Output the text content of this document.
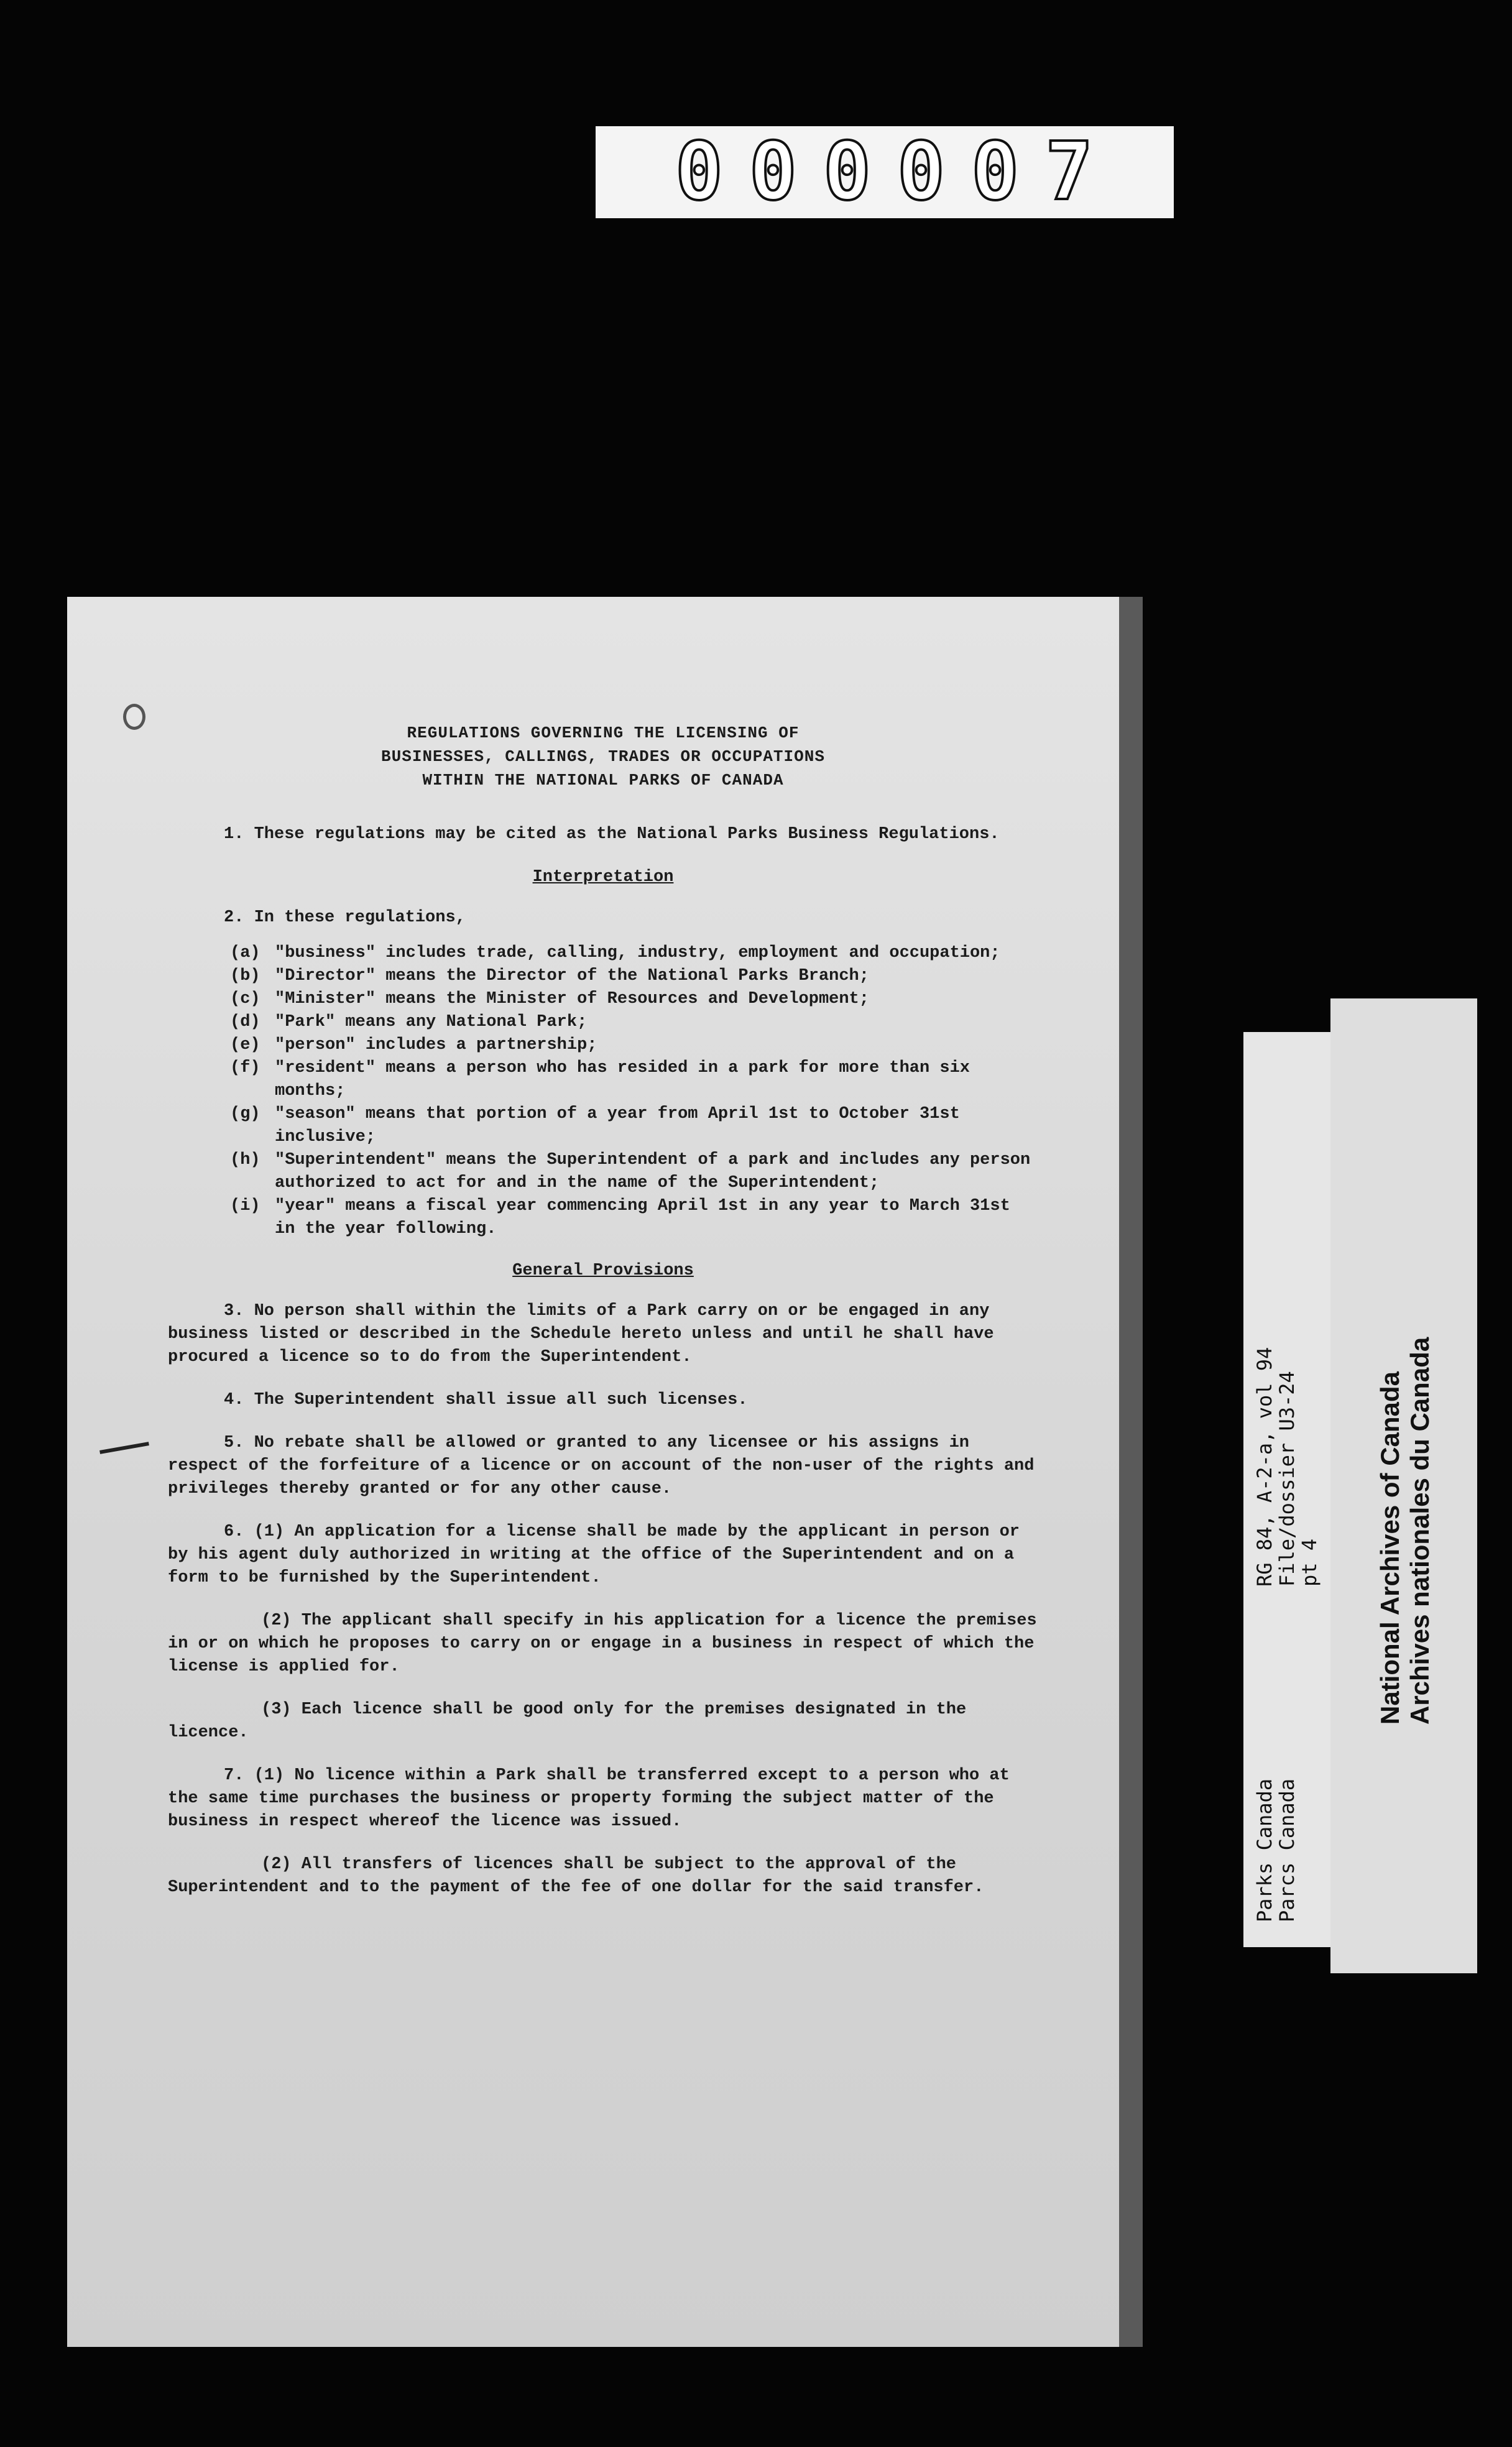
000007
REGULATIONS GOVERNING THE LICENSING OF
BUSINESSES, CALLINGS, TRADES OR OCCUPATIONS
WITHIN THE NATIONAL PARKS OF CANADA

1. These regulations may be cited as the National Parks Business Regulations.

Interpretation

2. In these regulations,

(a) "business" includes trade, calling, industry, employment and occupation;
(b) "Director" means the Director of the National Parks Branch;
(c) "Minister" means the Minister of Resources and Development;
(d) "Park" means any National Park;
(e) "person" includes a partnership;
(f) "resident" means a person who has resided in a park for more than six months;
(g) "season" means that portion of a year from April 1st to October 31st inclusive;
(h) "Superintendent" means the Superintendent of a park and includes any person authorized to act for and in the name of the Superintendent;
(i) "year" means a fiscal year commencing April 1st in any year to March 31st in the year following.
General Provisions

3. No person shall within the limits of a Park carry on or be engaged in any business listed or described in the Schedule hereto unless and until he shall have procured a licence so to do from the Superintendent.

4. The Superintendent shall issue all such licenses.

5. No rebate shall be allowed or granted to any licensee or his assigns in respect of the forfeiture of a licence or on account of the non-user of the rights and privileges thereby granted or for any other cause.

6. (1) An application for a license shall be made by the applicant in person or by his agent duly authorized in writing at the office of the Superintendent and on a form to be furnished by the Superintendent.

(2) The applicant shall specify in his application for a licence the premises in or on which he proposes to carry on or engage in a business in respect of which the license is applied for.

(3) Each licence shall be good only for the premises designated in the licence.

7. (1) No licence within a Park shall be transferred except to a person who at the same time purchases the business or property forming the subject matter of the business in respect whereof the licence was issued.

(2) All transfers of licences shall be subject to the approval of the Superintendent and to the payment of the fee of one dollar for the said transfer.	Parks Canada
Parcs Canada
RG 84, A-2-a, vol 94
File/dossier U3-24
pt 4 National Archives of Canada Archives nationales du Canada
